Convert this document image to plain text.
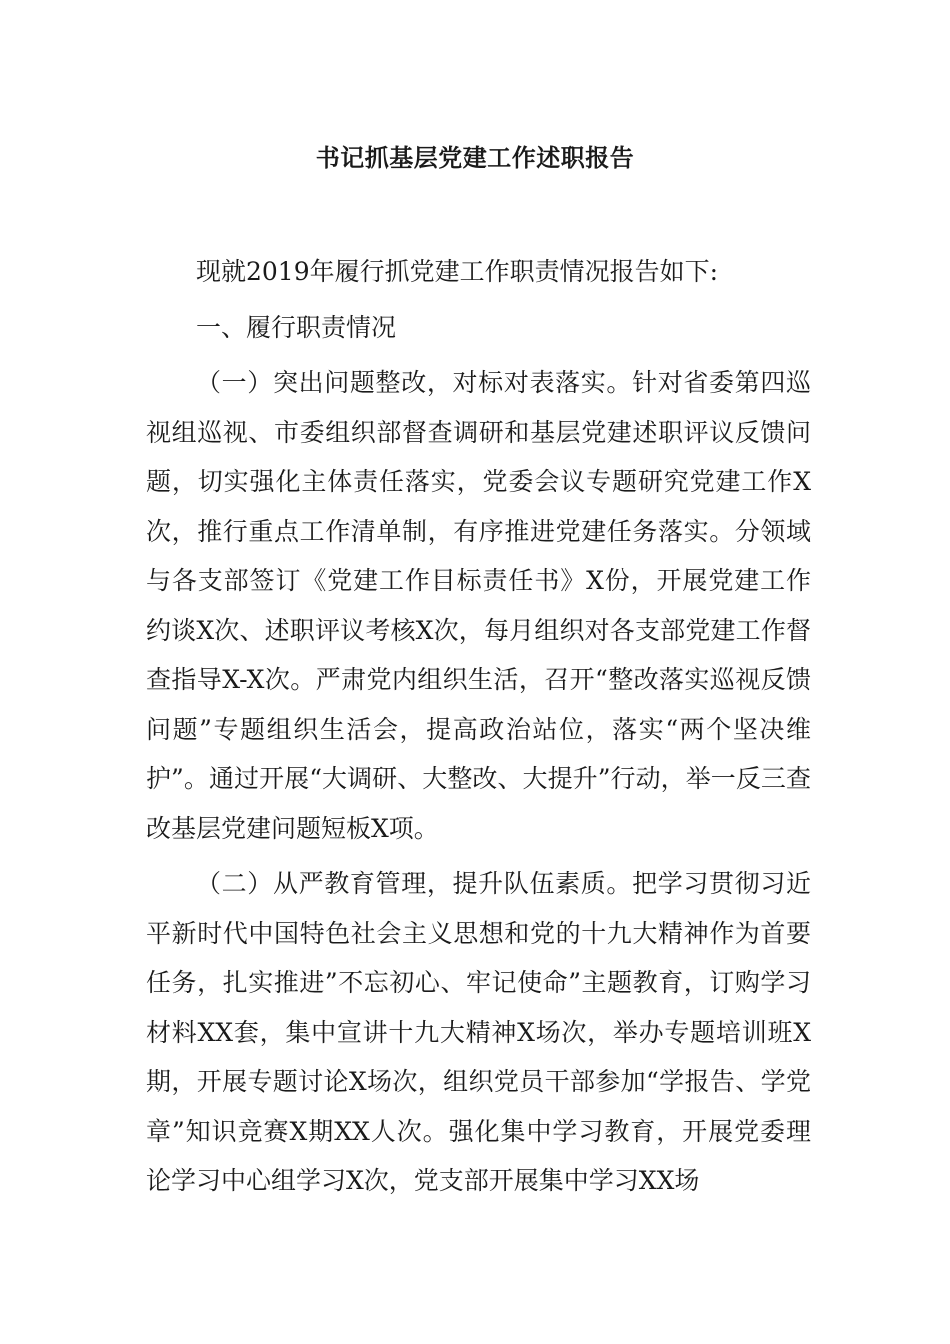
书记抓基层党建工作述职报告

现就2019年履行抓党建工作职责情况报告如下:

一、履行职责情况

（一）突出问题整改，对标对表落实。针对省委第四巡视组巡视、市委组织部督查调研和基层党建述职评议反馈问题，切实强化主体责任落实，党委会议专题研究党建工作X次，推行重点工作清单制，有序推进党建任务落实。分领域与各支部签订《党建工作目标责任书》X份，开展党建工作约谈X次、述职评议考核X次，每月组织对各支部党建工作督查指导X-X次。严肃党内组织生活，召开“整改落实巡视反馈问题”专题组织生活会，提高政治站位，落实“两个坚决维护”。通过开展“大调研、大整改、大提升”行动，举一反三查改基层党建问题短板X项。

（二）从严教育管理，提升队伍素质。把学习贯彻习近平新时代中国特色社会主义思想和党的十九大精神作为首要任务，扎实推进”不忘初心、牢记使命”主题教育，订购学习材料XX套，集中宣讲十九大精神X场次，举办专题培训班X期，开展专题讨论X场次，组织党员干部参加“学报告、学党章”知识竞赛X期XX人次。强化集中学习教育，开展党委理论学习中心组学习X次，党支部开展集中学习XX场
